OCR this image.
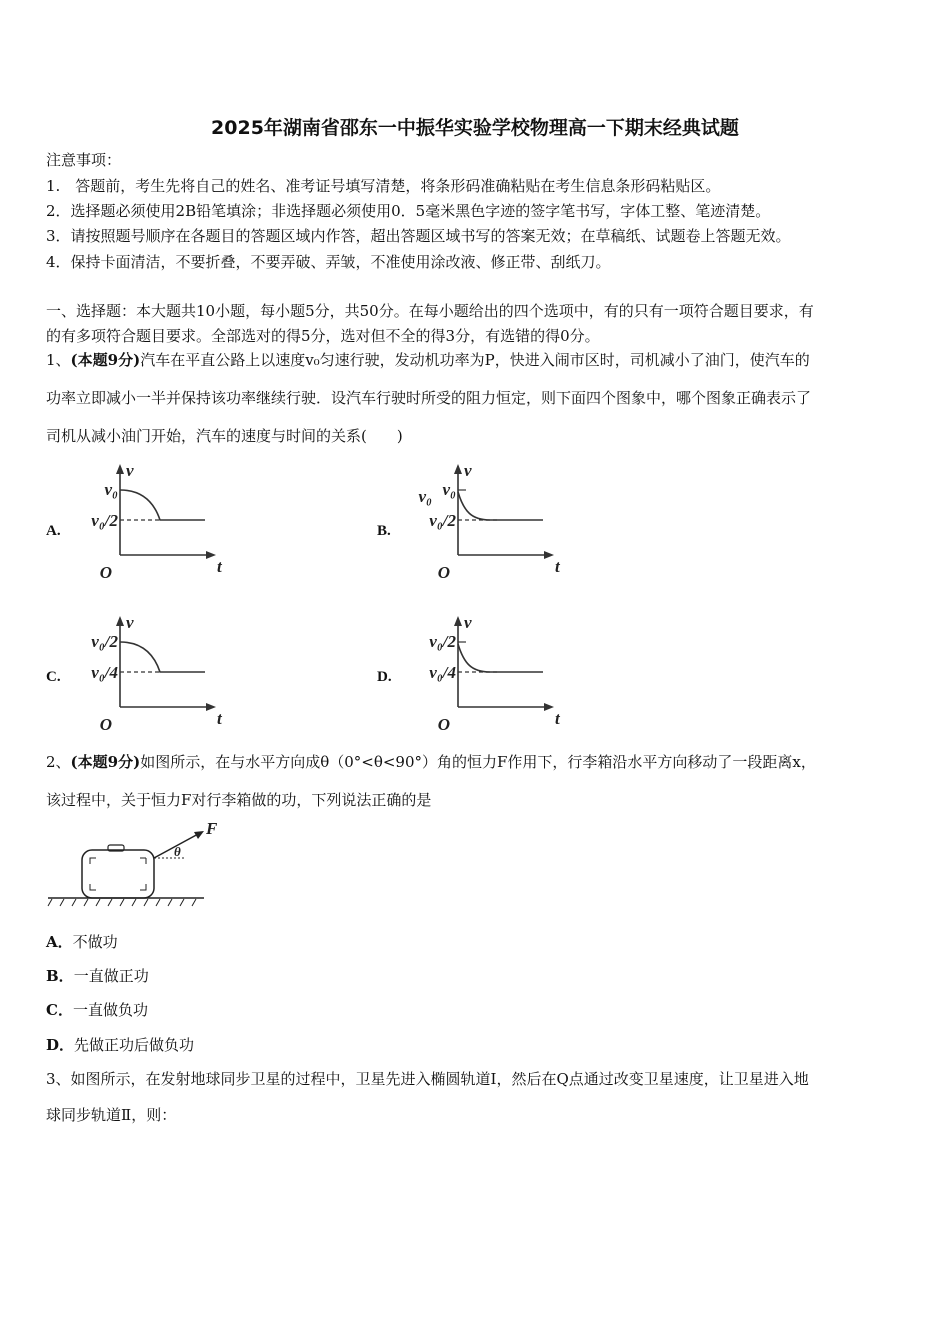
2025年湖南省邵东一中振华实验学校物理高一下期末经典试题
注意事项：
1.　答题前，考生先将自己的姓名、准考证号填写清楚，将条形码准确粘贴在考生信息条形码粘贴区。
2．选择题必须使用2B铅笔填涂；非选择题必须使用0．5毫米黑色字迹的签字笔书写，字体工整、笔迹清楚。
3．请按照题号顺序在各题目的答题区域内作答，超出答题区域书写的答案无效；在草稿纸、试题卷上答题无效。
4．保持卡面清洁，不要折叠，不要弄破、弄皱，不准使用涂改液、修正带、刮纸刀。
一、选择题：本大题共10小题，每小题5分，共50分。在每小题给出的四个选项中，有的只有一项符合题目要求，有
的有多项符合题目要求。全部选对的得5分，选对但不全的得3分，有选错的得0分。
1、(本题9分)汽车在平直公路上以速度v₀匀速行驶，发动机功率为P，快进入闹市区时，司机减小了油门，使汽车的
功率立即减小一半并保持该功率继续行驶．设汽车行驶时所受的阻力恒定，则下面四个图象中，哪个图象正确表示了
司机从减小油门开始，汽车的速度与时间的关系(　　)
A.	B.
C.	D.
v
t
O
v₀
v₀/2
v
t
O
v₀
v₀/2
v₀
v
t
O
v₀/2
v₀/4
v
t
O
v₀/2
v₀/4
2、(本题9分)如图所示，在与水平方向成θ（0°<θ<90°）角的恒力F作用下，行李箱沿水平方向移动了一段距离x，
该过程中，关于恒力F对行李箱做的功，下列说法正确的是
F
θ
A．不做功
B．一直做正功
C．一直做负功
D．先做正功后做负功
3、如图所示，在发射地球同步卫星的过程中，卫星先进入椭圆轨道Ⅰ，然后在Q点通过改变卫星速度，让卫星进入地
球同步轨道Ⅱ，则：
